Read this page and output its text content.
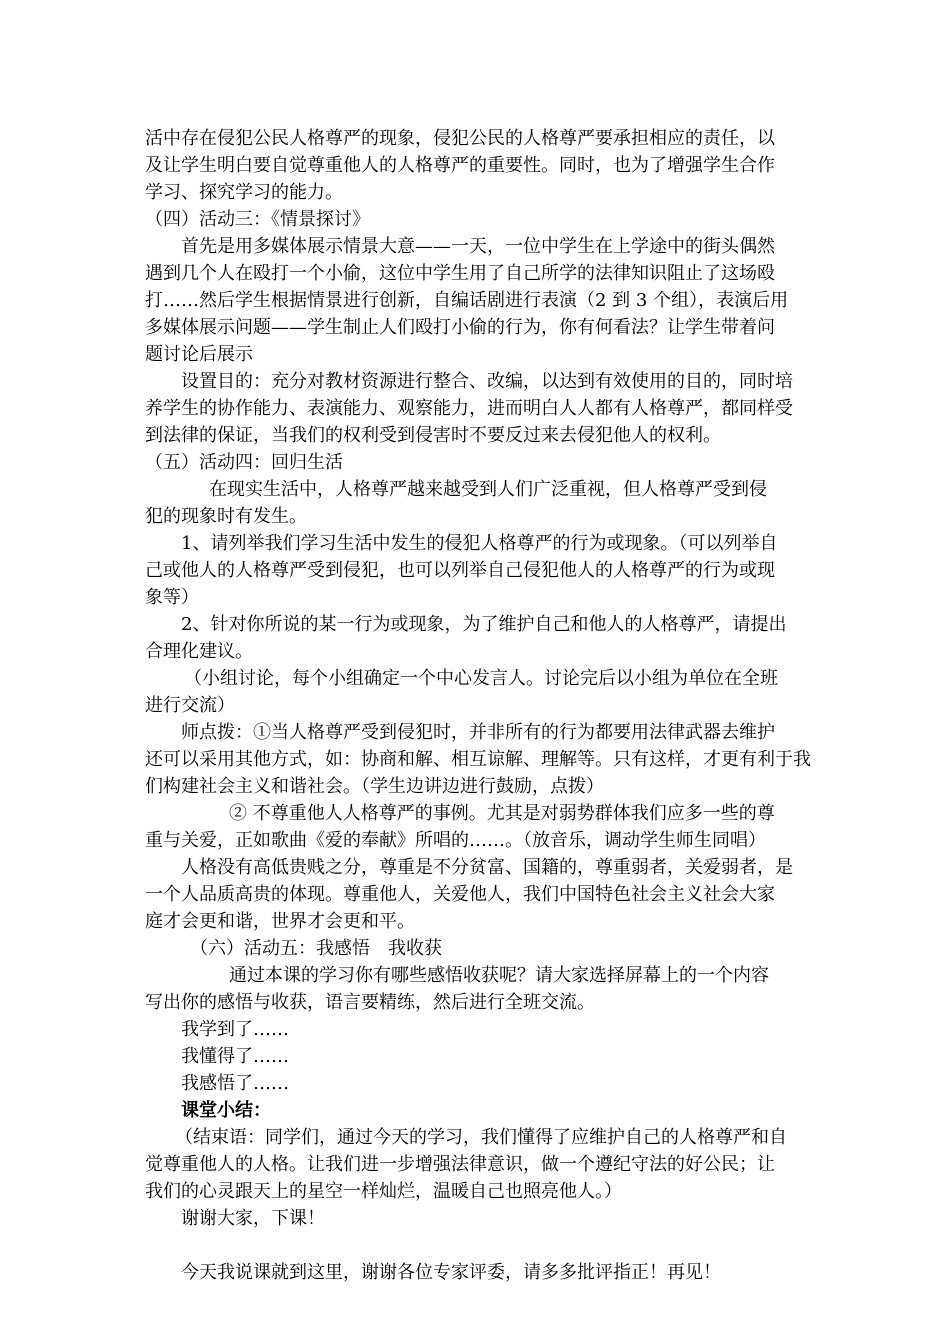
活中存在侵犯公民人格尊严的现象，侵犯公民的人格尊严要承担相应的责任，以
及让学生明白要自觉尊重他人的人格尊严的重要性。同时，也为了增强学生合作
学习、探究学习的能力。
（四）活动三：《情景探讨》
首先是用多媒体展示情景大意——一天，一位中学生在上学途中的街头偶然
遇到几个人在殴打一个小偷，这位中学生用了自己所学的法律知识阻止了这场殴
打……然后学生根据情景进行创新，自编话剧进行表演（2 到 3 个组），表演后用
多媒体展示问题——学生制止人们殴打小偷的行为，你有何看法？让学生带着问
题讨论后展示
设置目的：充分对教材资源进行整合、改编，以达到有效使用的目的，同时培
养学生的协作能力、表演能力、观察能力，进而明白人人都有人格尊严，都同样受
到法律的保证，当我们的权利受到侵害时不要反过来去侵犯他人的权利。
（五）活动四：回归生活
在现实生活中，人格尊严越来越受到人们广泛重视，但人格尊严受到侵
犯的现象时有发生。
1、请列举我们学习生活中发生的侵犯人格尊严的行为或现象。（可以列举自
己或他人的人格尊严受到侵犯，也可以列举自己侵犯他人的人格尊严的行为或现
象等）
2、针对你所说的某一行为或现象，为了维护自己和他人的人格尊严，请提出
合理化建议。
（小组讨论，每个小组确定一个中心发言人。讨论完后以小组为单位在全班
进行交流）
师点拨：①当人格尊严受到侵犯时，并非所有的行为都要用法律武器去维护
还可以采用其他方式，如：协商和解、相互谅解、理解等。只有这样，才更有利于我
们构建社会主义和谐社会。（学生边讲边进行鼓励，点拨）
② 不尊重他人人格尊严的事例。尤其是对弱势群体我们应多一些的尊
重与关爱，正如歌曲《爱的奉献》所唱的……。（放音乐，调动学生师生同唱）
人格没有高低贵贱之分，尊重是不分贫富、国籍的，尊重弱者，关爱弱者，是
一个人品质高贵的体现。尊重他人，关爱他人，我们中国特色社会主义社会大家
庭才会更和谐，世界才会更和平。
（六）活动五：我感悟　我收获
通过本课的学习你有哪些感悟收获呢？请大家选择屏幕上的一个内容
写出你的感悟与收获，语言要精练，然后进行全班交流。
我学到了……
我懂得了……
我感悟了……
课堂小结：
（结束语：同学们，通过今天的学习，我们懂得了应维护自己的人格尊严和自
觉尊重他人的人格。让我们进一步增强法律意识，做一个遵纪守法的好公民；让
我们的心灵跟天上的星空一样灿烂，温暖自己也照亮他人。）
谢谢大家，下课！
今天我说课就到这里，谢谢各位专家评委，请多多批评指正！再见！
